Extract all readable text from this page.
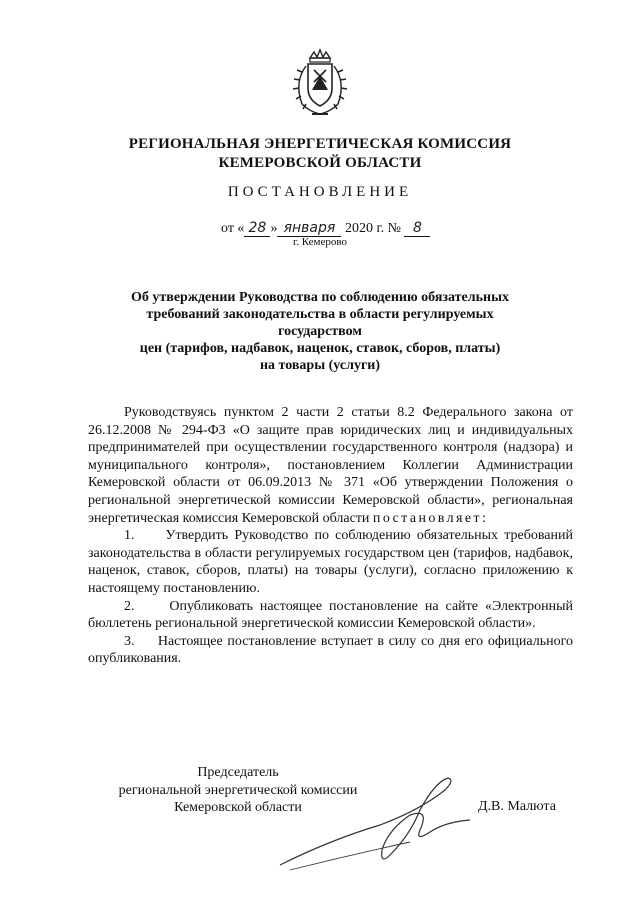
РЕГИОНАЛЬНАЯ ЭНЕРГЕТИЧЕСКАЯ КОМИССИЯ
КЕМЕРОВСКОЙ ОБЛАСТИ
ПОСТАНОВЛЕНИЕ
от « 28 » января 2020 г. № 8
г. Кемерово
Об утверждении Руководства по соблюдению обязательных
требований законодательства в области регулируемых государством
цен (тарифов, надбавок, наценок, ставок, сборов, платы)
на товары (услуги)

Руководствуясь пунктом 2 части 2 статьи 8.2 Федерального закона от 26.12.2008 № 294-ФЗ «О защите прав юридических лиц и индивидуальных предпринимателей при осуществлении государственного контроля (надзора) и муниципального контроля», постановлением Коллегии Администрации Кемеровской области от 06.09.2013 № 371 «Об утверждении Положения о региональной энергетической комиссии Кемеровской области», региональная энергетическая комиссия Кемеровской области постановляет:

1.     Утвердить Руководство по соблюдению обязательных требований законодательства в области регулируемых государством цен (тарифов, надбавок, наценок, ставок, сборов, платы) на товары (услуги), согласно приложению к настоящему постановлению.

2.     Опубликовать настоящее постановление на сайте «Электронный бюллетень региональной энергетической комиссии Кемеровской области».

3.     Настоящее постановление вступает в силу со дня его официального опубликования.

Председатель
региональной энергетической комиссии
Кемеровской области	Д.В. Малюта
